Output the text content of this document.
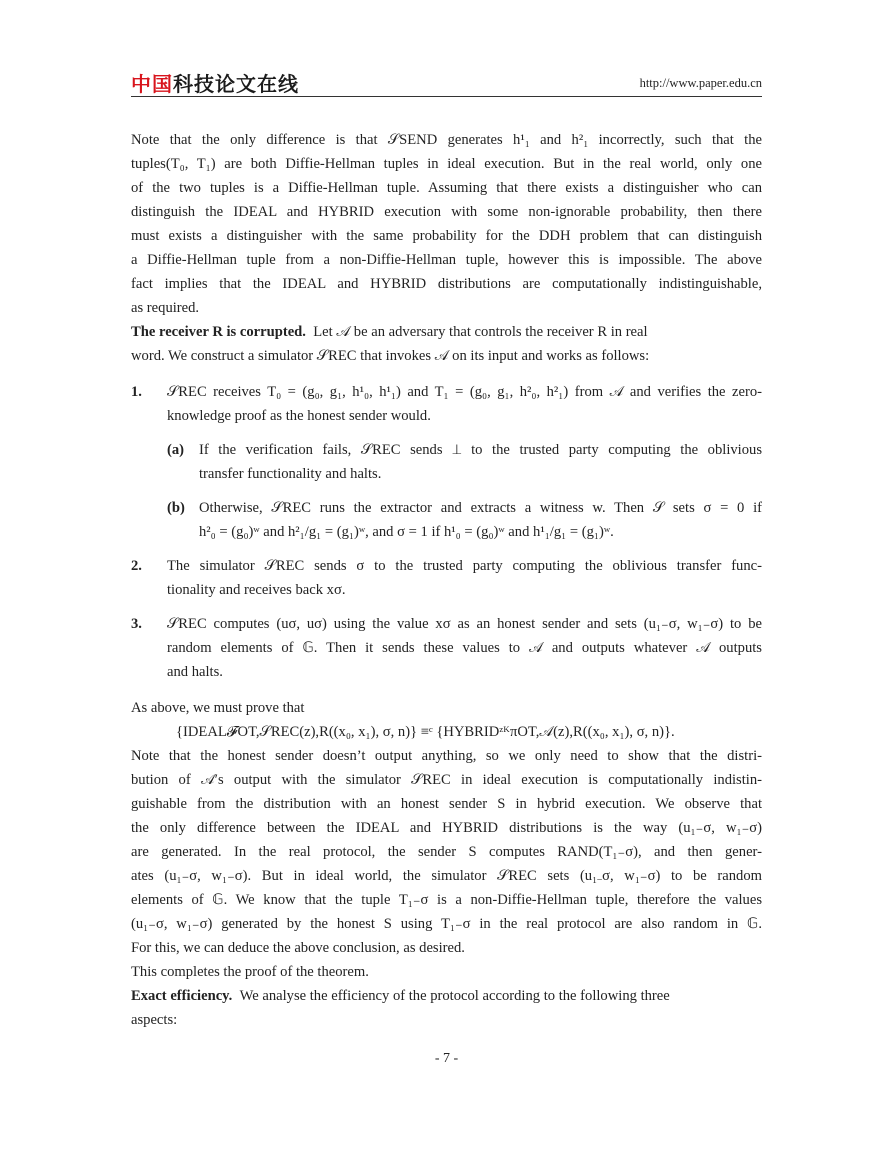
中国科技论文在线	http://www.paper.edu.cn
Note that the only difference is that 𝒮SEND generates h¹₁ and h²₁ incorrectly, such that the
tuples(T₀, T₁) are both Diffie-Hellman tuples in ideal execution. But in the real world, only one
of the two tuples is a Diffie-Hellman tuple. Assuming that there exists a distinguisher who can
distinguish the IDEAL and HYBRID execution with some non-ignorable probability, then there
must exists a distinguisher with the same probability for the DDH problem that can distinguish
a Diffie-Hellman tuple from a non-Diffie-Hellman tuple, however this is impossible. The above
fact implies that the IDEAL and HYBRID distributions are computationally indistinguishable,
as required.
The receiver R is corrupted. Let 𝒜 be an adversary that controls the receiver R in real
word. We construct a simulator 𝒮REC that invokes 𝒜 on its input and works as follows:
1. 𝒮REC receives T₀ = (g₀, g₁, h¹₀, h¹₁) and T₁ = (g₀, g₁, h²₀, h²₁) from 𝒜 and verifies the zero-
knowledge proof as the honest sender would.
(a) If the verification fails, 𝒮REC sends ⊥ to the trusted party computing the oblivious
transfer functionality and halts.
(b) Otherwise, 𝒮REC runs the extractor and extracts a witness w. Then 𝒮 sets σ = 0 if
h²₀ = (g₀)ʷ and h²₁/g₁ = (g₁)ʷ, and σ = 1 if h¹₀ = (g₀)ʷ and h¹₁/g₁ = (g₁)ʷ.
2. The simulator 𝒮REC sends σ to the trusted party computing the oblivious transfer func-
tionality and receives back xσ.
3. 𝒮REC computes (uσ, uσ) using the value xσ as an honest sender and sets (u₁₋σ, w₁₋σ) to be
random elements of 𝔾. Then it sends these values to 𝒜 and outputs whatever 𝒜 outputs
and halts.
As above, we must prove that
{IDEAL𝓕OT,𝒮REC(z),R((x₀, x₁), σ, n)} ≡ᶜ {HYBRIDᶻᴷπOT,𝒜(z),R((x₀, x₁), σ, n)}.
Note that the honest sender doesn’t output anything, so we only need to show that the distri-
bution of 𝒜′s output with the simulator 𝒮REC in ideal execution is computationally indistin-
guishable from the distribution with an honest sender S in hybrid execution. We observe that
the only difference between the IDEAL and HYBRID distributions is the way (u₁₋σ, w₁₋σ)
are generated. In the real protocol, the sender S computes RAND(T₁₋σ), and then gener-
ates (u₁₋σ, w₁₋σ). But in ideal world, the simulator 𝒮REC sets (u₁₋σ, w₁₋σ) to be random
elements of 𝔾. We know that the tuple T₁₋σ is a non-Diffie-Hellman tuple, therefore the values
(u₁₋σ, w₁₋σ) generated by the honest S using T₁₋σ in the real protocol are also random in 𝔾.
For this, we can deduce the above conclusion, as desired.
This completes the proof of the theorem.
Exact efficiency. We analyse the efficiency of the protocol according to the following three
aspects:
- 7 -
